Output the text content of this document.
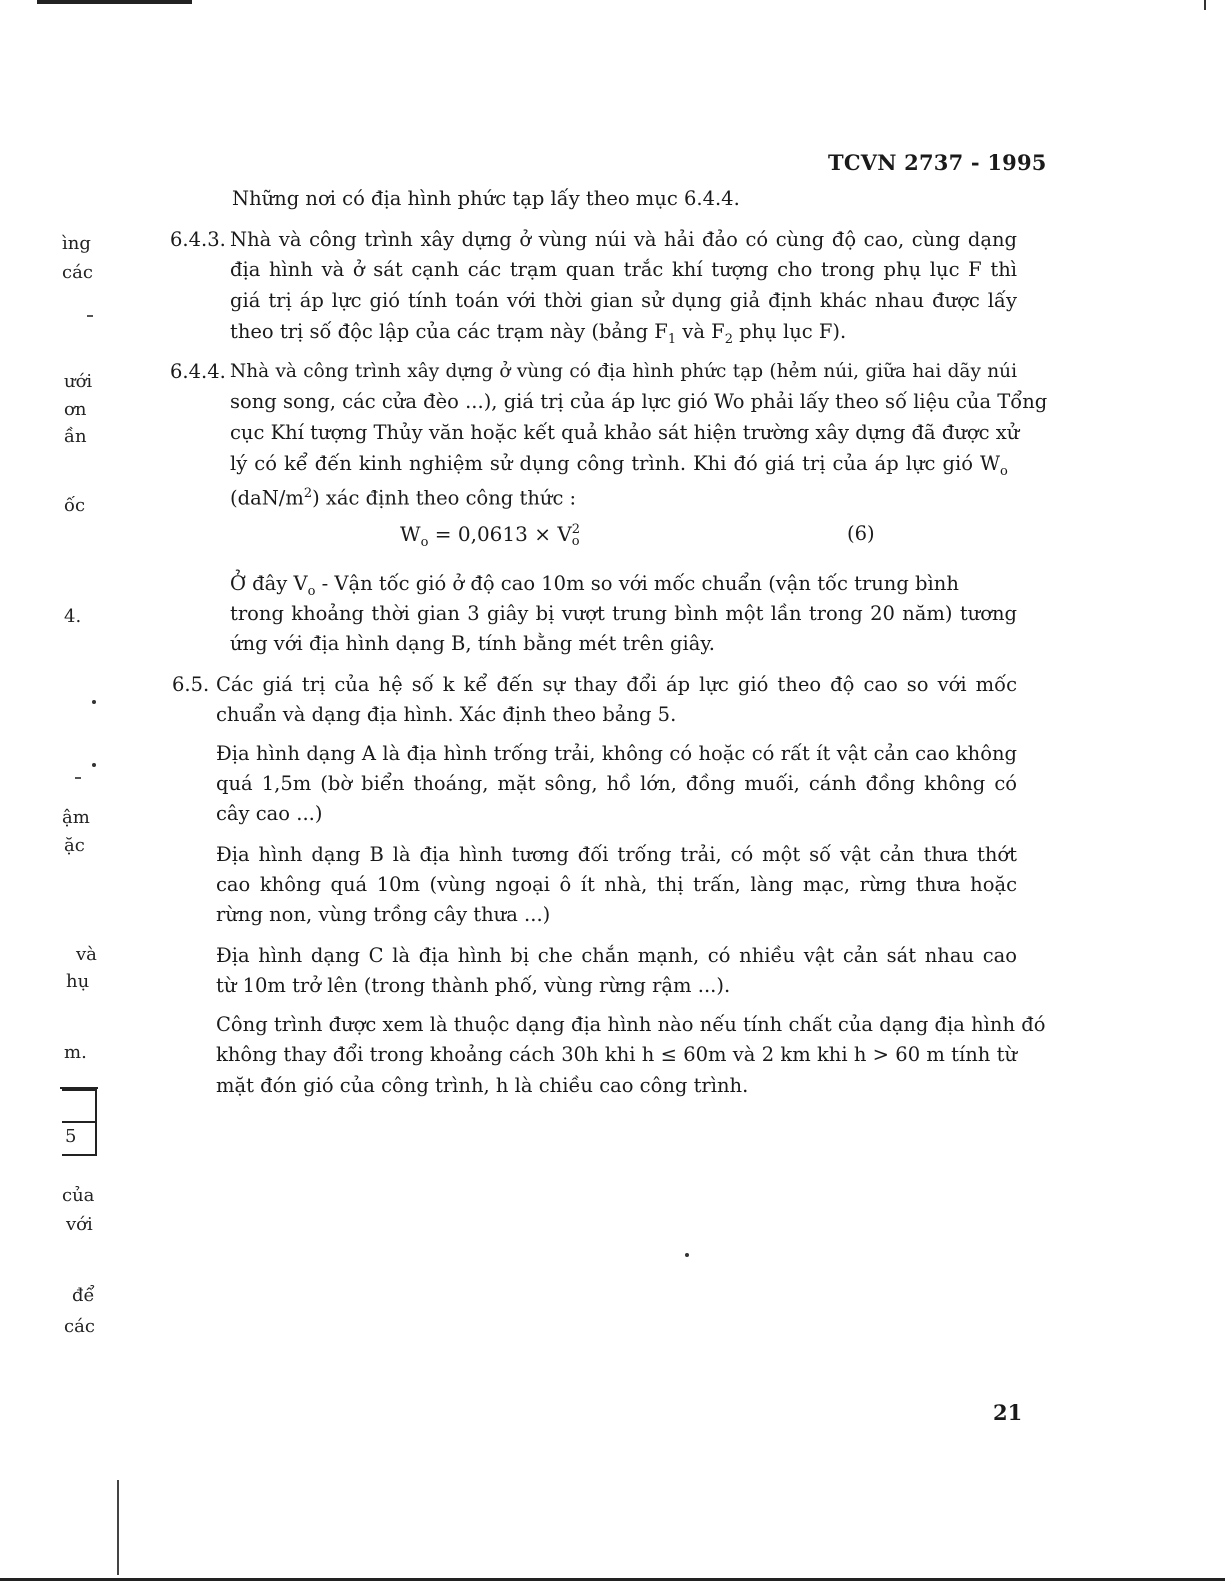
TCVN 2737 - 1995
ìng
các
ưới
ơn
ần
ốc
4.
ậm
ặc
và
hụ
m.
5
của
với
để
các
Những nơi có địa hình phức tạp lấy theo mục 6.4.4.
6.4.3. Nhà và công trình xây dựng ở vùng núi và hải đảo có cùng độ cao, cùng dạng
địa hình và ở sát cạnh các trạm quan trắc khí tượng cho trong phụ lục F thì
giá trị áp lực gió tính toán với thời gian sử dụng giả định khác nhau được lấy
theo trị số độc lập của các trạm này (bảng $F_1$ và $F_2$ phụ lục F).
6.4.4. Nhà và công trình xây dựng ở vùng có địa hình phức tạp (hẻm núi, giữa hai dãy núi
song song, các cửa đèo ...), giá trị của áp lực gió Wo phải lấy theo số liệu của Tổng
cục Khí tượng Thủy văn hoặc kết quả khảo sát hiện trường xây dựng đã được xử
lý có kể đến kinh nghiệm sử dụng công trình. Khi đó giá trị của áp lực gió $W_o$
$(daN/m^2)$ xác định theo công thức :
$W_o = 0,0613 \times V$ 2
o	(6)
Ở đây $V_o$ - Vận tốc gió ở độ cao 10m so với mốc chuẩn (vận tốc trung bình
trong khoảng thời gian 3 giây bị vượt trung bình một lần trong 20 năm) tương
ứng với địa hình dạng B, tính bằng mét trên giây.
6.5. Các giá trị của hệ số k kể đến sự thay đổi áp lực gió theo độ cao so với mốc
chuẩn và dạng địa hình. Xác định theo bảng 5.
Địa hình dạng A là địa hình trống trải, không có hoặc có rất ít vật cản cao không
quá 1,5m (bờ biển thoáng, mặt sông, hồ lớn, đồng muối, cánh đồng không có
cây cao ...)
Địa hình dạng B là địa hình tương đối trống trải, có một số vật cản thưa thớt
cao không quá 10m (vùng ngoại ô ít nhà, thị trấn, làng mạc, rừng thưa hoặc
rừng non, vùng trồng cây thưa ...)
Địa hình dạng C là địa hình bị che chắn mạnh, có nhiều vật cản sát nhau cao
từ 10m trở lên (trong thành phố, vùng rừng rậm ...).
Công trình được xem là thuộc dạng địa hình nào nếu tính chất của dạng địa hình đó
không thay đổi trong khoảng cách 30h khi h ≤ 60m và 2 km khi h > 60 m tính từ
mặt đón gió của công trình, h là chiều cao công trình.
21
